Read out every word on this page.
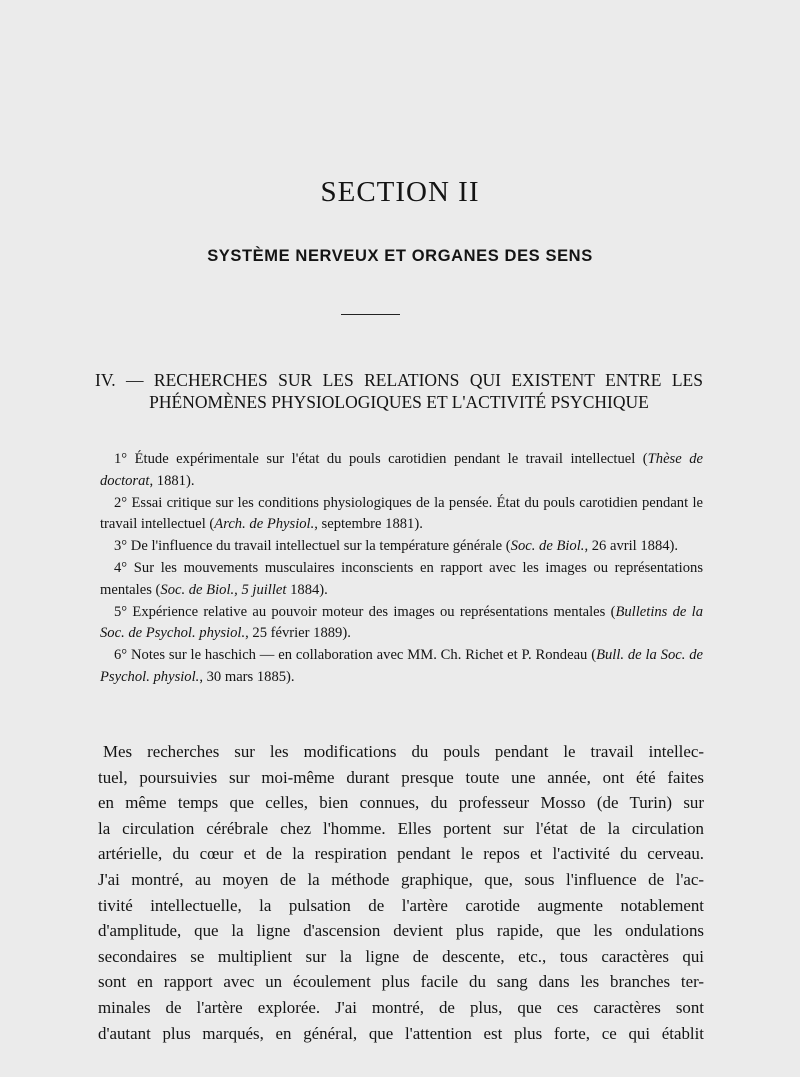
SECTION II
SYSTÈME NERVEUX ET ORGANES DES SENS
IV. — RECHERCHES SUR LES RELATIONS QUI EXISTENT ENTRE LES
PHÉNOMÈNES PHYSIOLOGIQUES ET L'ACTIVITÉ PSYCHIQUE
1° Étude expérimentale sur l'état du pouls carotidien pendant le travail intellectuel (Thèse de doctorat, 1881).
2° Essai critique sur les conditions physiologiques de la pensée. État du pouls carotidien pendant le travail intellectuel (Arch. de Physiol., septembre 1881).
3° De l'influence du travail intellectuel sur la température générale (Soc. de Biol., 26 avril 1884).
4° Sur les mouvements musculaires inconscients en rapport avec les images ou représentations mentales (Soc. de Biol., 5 juillet 1884).
5° Expérience relative au pouvoir moteur des images ou représentations mentales (Bulletins de la Soc. de Psychol. physiol., 25 février 1889).
6° Notes sur le haschich — en collaboration avec MM. Ch. Richet et P. Rondeau (Bull. de la Soc. de Psychol. physiol., 30 mars 1885).
Mes recherches sur les modifications du pouls pendant le travail intellec-
tuel, poursuivies sur moi-même durant presque toute une année, ont été faites
en même temps que celles, bien connues, du professeur Mosso (de Turin) sur
la circulation cérébrale chez l'homme. Elles portent sur l'état de la circulation
artérielle, du cœur et de la respiration pendant le repos et l'activité du cerveau.
J'ai montré, au moyen de la méthode graphique, que, sous l'influence de l'ac-
tivité intellectuelle, la pulsation de l'artère carotide augmente notablement
d'amplitude, que la ligne d'ascension devient plus rapide, que les ondulations
secondaires se multiplient sur la ligne de descente, etc., tous caractères qui
sont en rapport avec un écoulement plus facile du sang dans les branches ter-
minales de l'artère explorée. J'ai montré, de plus, que ces caractères sont
d'autant plus marqués, en général, que l'attention est plus forte, ce qui établit
